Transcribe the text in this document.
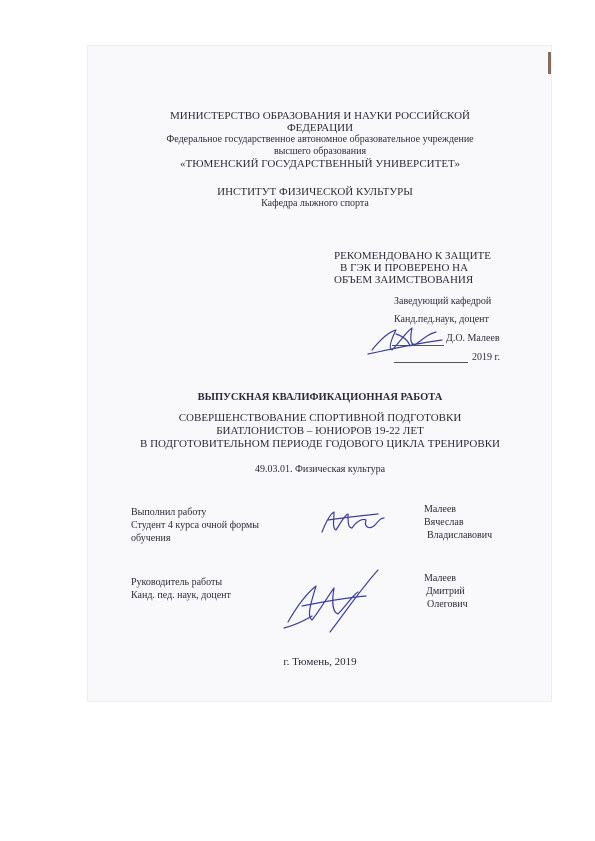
МИНИСТЕРСТВО ОБРАЗОВАНИЯ И НАУКИ РОССИЙСКОЙ
ФЕДЕРАЦИИ
Федеральное государственное автономное образовательное учреждение
высшего образования
«ТЮМЕНСКИЙ ГОСУДАРСТВЕННЫЙ УНИВЕРСИТЕТ»
ИНСТИТУТ ФИЗИЧЕСКОЙ КУЛЬТУРЫ
Кафедра лыжного спорта
РЕКОМЕНДОВАНО К ЗАЩИТЕ
В ГЭК И ПРОВЕРЕНО НА
ОБЪЕМ ЗАИМСТВОВАНИЯ
Заведующий кафедрой
Канд.пед.наук, доцент
Д.О. Малеев
2019 г.
ВЫПУСКНАЯ КВАЛИФИКАЦИОННАЯ РАБОТА
СОВЕРШЕНСТВОВАНИЕ СПОРТИВНОЙ ПОДГОТОВКИ
БИАТЛОНИСТОВ – ЮНИОРОВ 19-22 ЛЕТ
В ПОДГОТОВИТЕЛЬНОМ ПЕРИОДЕ ГОДОВОГО ЦИКЛА ТРЕНИРОВКИ
49.03.01. Физическая культура
Выполнил работу
Студент 4 курса очной формы
обучения
Малеев
Вячеслав
Владиславович
Руководитель работы
Канд. пед. наук, доцент
Малеев
Дмитрий
Олегович
г. Тюмень, 2019
